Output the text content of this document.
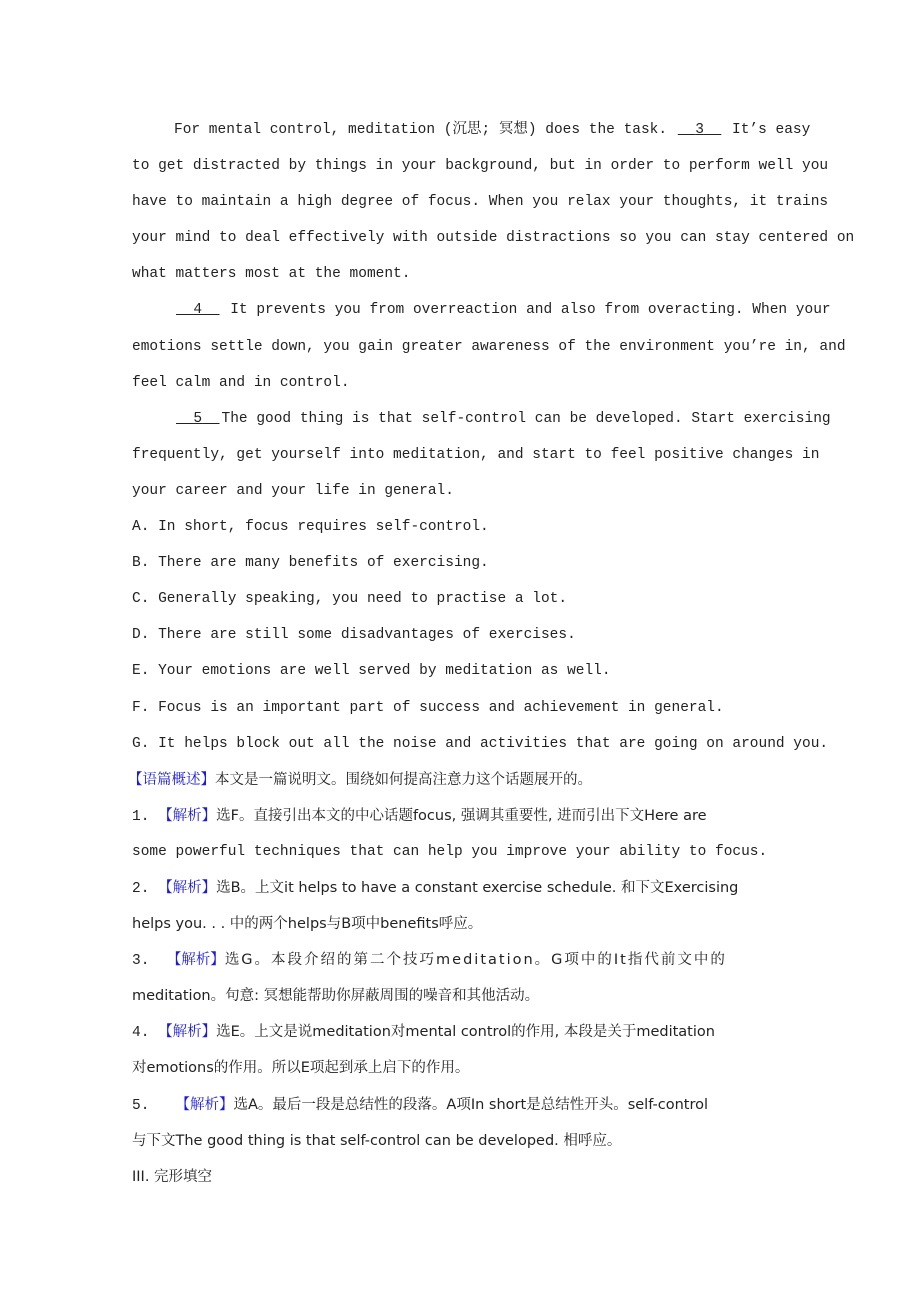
For mental control, meditation (沉思; 冥想) does the task.   3   It’s easy
to get distracted by things in your background, but in order to perform well you
have to maintain a high degree of focus. When you relax your thoughts, it trains
your mind to deal effectively with outside distractions so you can stay centered on
what matters most at the moment.
4   It prevents you from overreaction and also from overacting. When your
emotions settle down, you gain greater awareness of the environment you’re in, and
feel calm and in control.
5 The good thing is that self-control can be developed. Start exercising
frequently, get yourself into meditation, and start to feel positive changes in
your career and your life in general.
A. In short, focus requires self-control.
B. There are many benefits of exercising.
C. Generally speaking, you need to practise a lot.
D. There are still some disadvantages of exercises.
E. Your emotions are well served by meditation as well.
F. Focus is an important part of success and achievement in general.
G. It helps block out all the noise and activities that are going on around you.
【语篇概述】本文是一篇说明文。围绕如何提高注意力这个话题展开的。
1. 【解析】选F。直接引出本文的中心话题focus, 强调其重要性, 进而引出下文Here are
some powerful techniques that can help you improve your ability to focus.
2. 【解析】选B。上文it helps to have a constant exercise schedule. 和下文Exercising
helps you. . . 中的两个helps与B项中benefits呼应。
3. 【解析】选G。本段介绍的第二个技巧meditation。G项中的It指代前文中的
meditation。句意: 冥想能帮助你屏蔽周围的噪音和其他活动。
4. 【解析】选E。上文是说meditation对mental control的作用, 本段是关于meditation
对emotions的作用。所以E项起到承上启下的作用。
5. 【解析】选A。最后一段是总结性的段落。A项In short是总结性开头。self-control
与下文The good thing is that self-control can be developed. 相呼应。
III. 完形填空
